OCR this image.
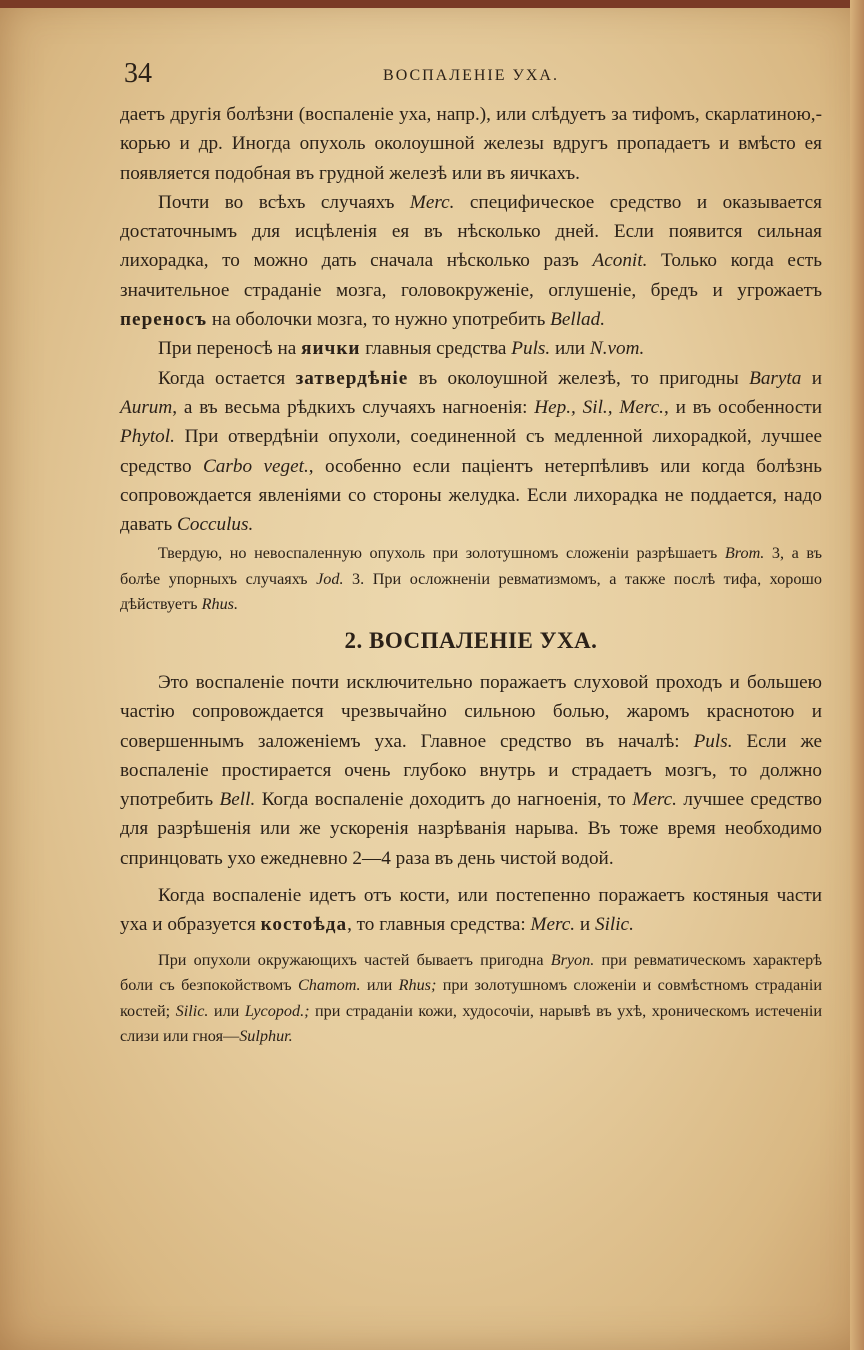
34	ВОСПАЛЕНІЕ УХА.

даетъ другія болѣзни (воспаленіе уха, напр.), или слѣдуетъ за тифомъ, скарлатиною,- корью и др. Иногда опухоль околоушной железы вдругъ пропадаетъ и вмѣсто ея появляется подобная въ грудной железѣ или въ яичкахъ.

Почти во всѣхъ случаяхъ Merc. специфическое средство и оказывается достаточнымъ для исцѣленія ея въ нѣсколько дней. Если появится сильная лихорадка, то можно дать сначала нѣсколько разъ Aconit. Только когда есть значительное страданіе мозга, головокруженіе, оглушеніе, бредъ и угрожаетъ переносъ на оболочки мозга, то нужно употребить Bellad.

При переносѣ на яички главныя средства Puls. или N.vom.

Когда остается затвердѣніе въ околоушной железѣ, то пригодны Baryta и Aurum, а въ весьма рѣдкихъ случаяхъ нагноенія: Hep., Sil., Merc., и въ особенности Phytol. При отвердѣніи опухоли, соединенной съ медленной лихорадкой, лучшее средство Carbo veget., особенно если паціентъ нетерпѣливъ или когда болѣзнь сопровождается явленіями со стороны желудка. Если лихорадка не поддается, надо давать Cocculus.

Твердую, но невоспаленную опухоль при золотушномъ сложеніи разрѣшаетъ Brom. 3, а въ болѣе упорныхъ случаяхъ Jod. 3. При осложненіи ревматизмомъ, а также послѣ тифа, хорошо дѣйствуетъ Rhus.

2. ВОСПАЛЕНІЕ УХА.

Это воспаленіе почти исключительно поражаетъ слуховой проходъ и большею частію сопровождается чрезвычайно сильною болью, жаромъ краснотою и совершеннымъ заложеніемъ уха. Главное средство въ началѣ: Puls. Если же воспаленіе простирается очень глубоко внутрь и страдаетъ мозгъ, то должно употребить Bell. Когда воспаленіе доходитъ до нагноенія, то Merc. лучшее средство для разрѣшенія или же ускоренія назрѣванія нарыва. Въ тоже время необходимо спринцовать ухо ежедневно 2—4 раза въ день чистой водой.

Когда воспаленіе идетъ отъ кости, или постепенно поражаетъ костяныя части уха и образуется костоѣда, то главныя средства: Merc. и Silic.

При опухоли окружающихъ частей бываетъ пригодна Bryon. при ревматическомъ характерѣ боли съ безпокойствомъ Chamom. или Rhus; при золотушномъ сложеніи и совмѣстномъ страданіи костей; Silic. или Lycopod.; при страданіи кожи, худосочіи, нарывѣ въ ухѣ, хроническомъ истеченіи слизи или гноя—Sulphur.
